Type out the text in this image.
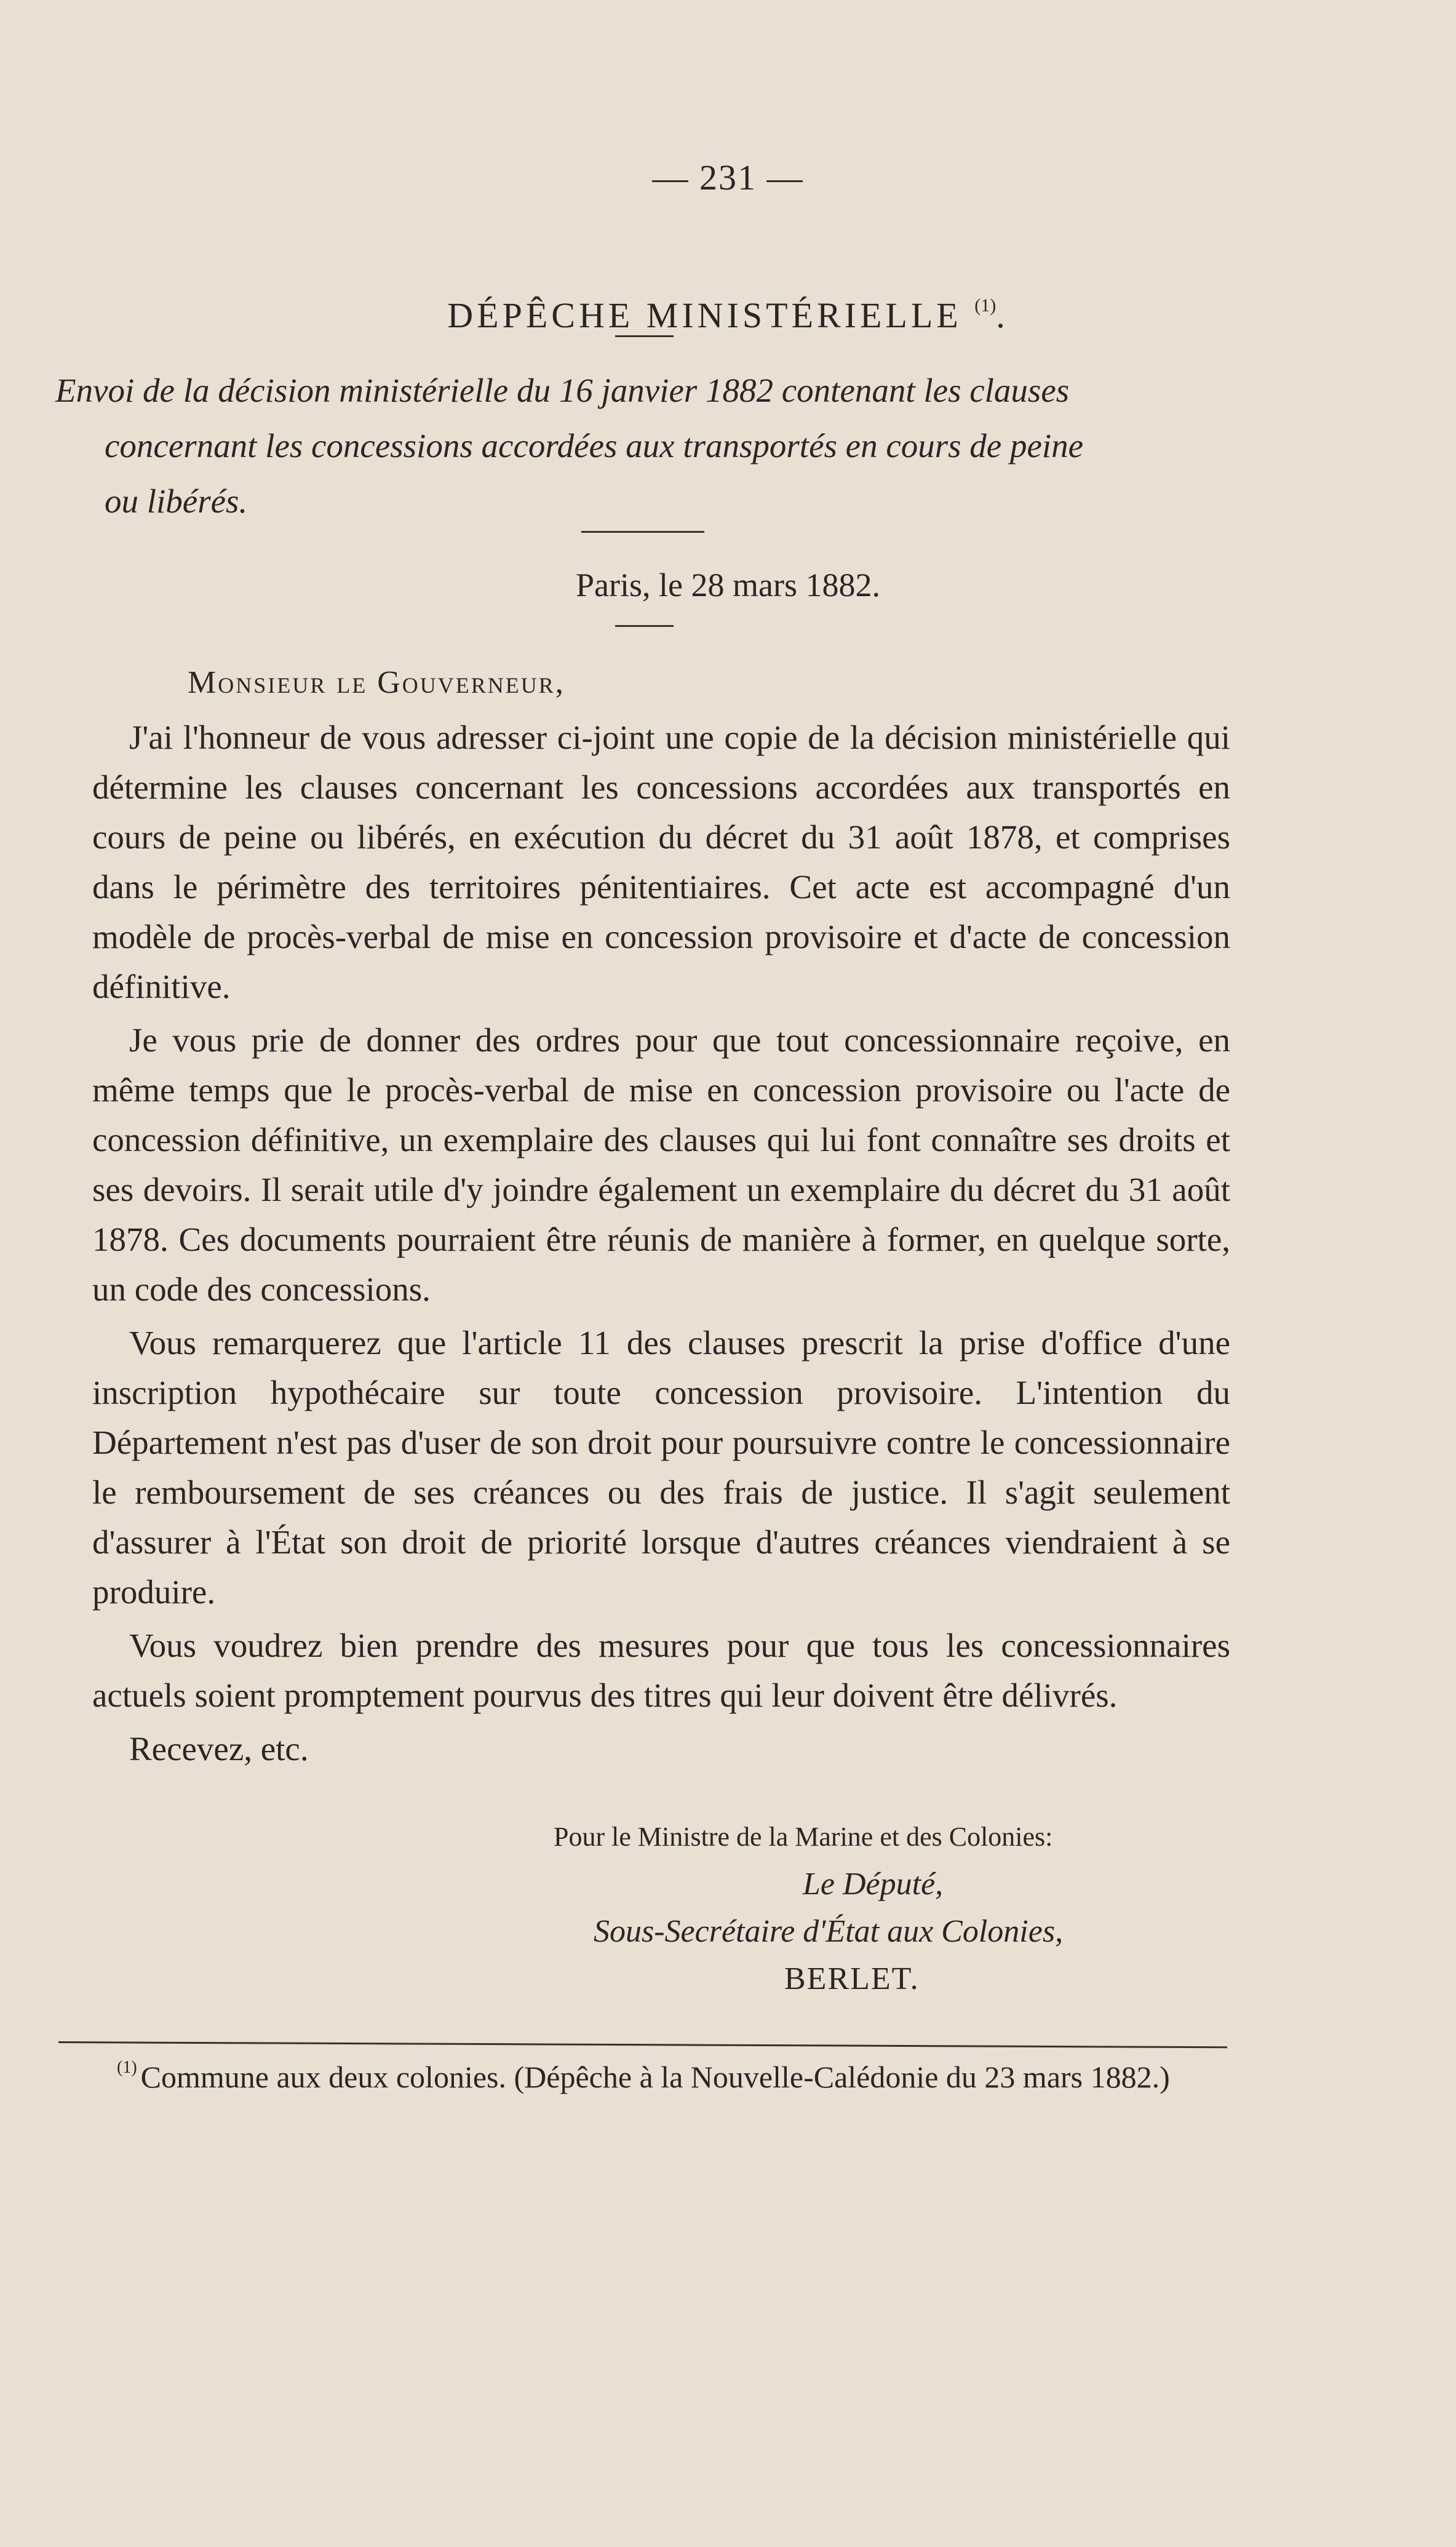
— 231 —
DÉPÊCHE MINISTÉRIELLE $^{(1)}$.
Envoi de la décision ministérielle du 16 janvier 1882 contenant les clauses
concernant les concessions accordées aux transportés en cours de peine
ou libérés.
Paris, le 28 mars 1882.
Monsieur le Gouverneur,

J'ai l'honneur de vous adresser ci-joint une copie de la décision ministérielle qui détermine les clauses concernant les concessions accordées aux transportés en cours de peine ou libérés, en exécution du décret du 31 août 1878, et comprises dans le périmètre des territoires pénitentiaires. Cet acte est accompagné d'un modèle de procès-verbal de mise en concession provisoire et d'acte de concession définitive.

Je vous prie de donner des ordres pour que tout concessionnaire reçoive, en même temps que le procès-verbal de mise en concession provisoire ou l'acte de concession définitive, un exemplaire des clauses qui lui font connaître ses droits et ses devoirs. Il serait utile d'y joindre également un exemplaire du décret du 31 août 1878. Ces documents pourraient être réunis de manière à former, en quelque sorte, un code des concessions.

Vous remarquerez que l'article 11 des clauses prescrit la prise d'office d'une inscription hypothécaire sur toute concession provisoire. L'intention du Département n'est pas d'user de son droit pour poursuivre contre le concessionnaire le remboursement de ses créances ou des frais de justice. Il s'agit seulement d'assurer à l'État son droit de priorité lorsque d'autres créances viendraient à se produire.

Vous voudrez bien prendre des mesures pour que tous les concessionnaires actuels soient promptement pourvus des titres qui leur doivent être délivrés.

Recevez, etc.

Pour le Ministre de la Marine et des Colonies:
Le Député,
Sous-Secrétaire d'État aux Colonies,
BERLET.
$^{(1)}$ Commune aux deux colonies. (Dépêche à la Nouvelle-Calédonie du 23 mars 1882.)
